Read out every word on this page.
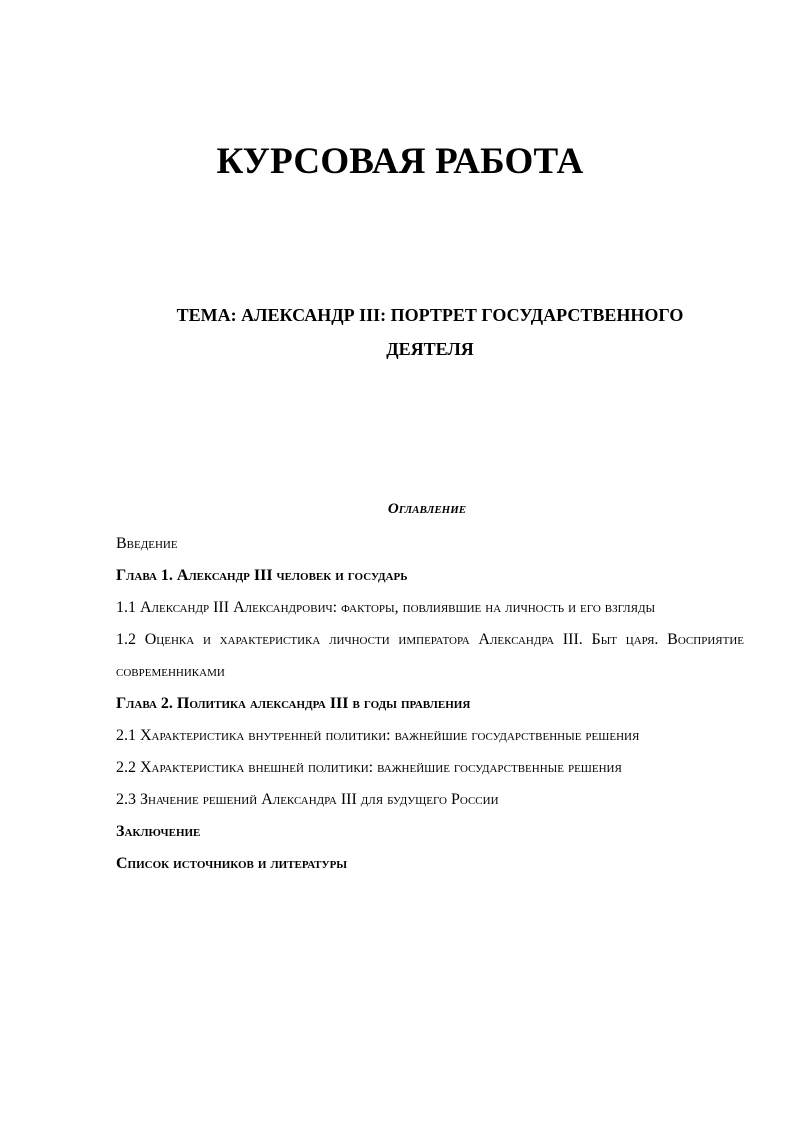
КУРСОВАЯ РАБОТА
ТЕМА: АЛЕКСАНДР III: ПОРТРЕТ ГОСУДАРСТВЕННОГО
ДЕЯТЕЛЯ
Оглавление

Введение

Глава 1. Александр III человек и государь

1.1 Александр III Александрович: факторы, повлиявшие на личность и его взгляды

1.2 Оценка и характеристика личности императора Александра III. Быт царя. Восприятие современниками

Глава 2. Политика александра III в годы правления

2.1 Характеристика внутренней политики: важнейшие государственные решения

2.2 Характеристика внешней политики: важнейшие государственные решения

2.3 Значение решений Александра III для будущего России

Заключение

Список источников и литературы
